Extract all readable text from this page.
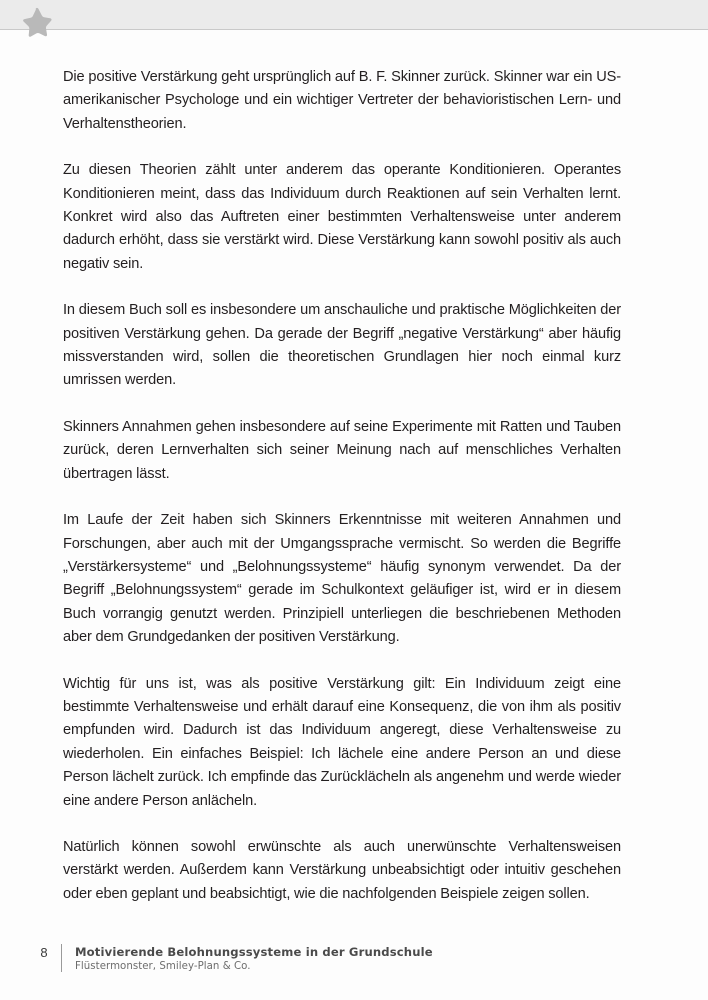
Die positive Verstärkung geht ursprünglich auf B. F. Skinner zurück. Skinner war ein US-amerikanischer Psychologe und ein wichtiger Vertreter der behavioristischen Lern- und Verhaltenstheorien.

Zu diesen Theorien zählt unter anderem das operante Konditionieren. Operantes Konditionieren meint, dass das Individuum durch Reaktionen auf sein Verhalten lernt. Konkret wird also das Auftreten einer bestimmten Verhaltensweise unter anderem dadurch erhöht, dass sie verstärkt wird. Diese Verstärkung kann sowohl positiv als auch negativ sein.

In diesem Buch soll es insbesondere um anschauliche und praktische Möglichkeiten der positiven Verstärkung gehen. Da gerade der Begriff „negative Verstärkung“ aber häufig missverstanden wird, sollen die theoretischen Grundlagen hier noch einmal kurz umrissen werden.

Skinners Annahmen gehen insbesondere auf seine Experimente mit Ratten und Tauben zurück, deren Lernverhalten sich seiner Meinung nach auf menschliches Verhalten übertragen lässt.

Im Laufe der Zeit haben sich Skinners Erkenntnisse mit weiteren Annahmen und Forschungen, aber auch mit der Umgangssprache vermischt. So werden die Begriffe „Verstärkersysteme“ und „Belohnungssysteme“ häufig synonym verwendet. Da der Begriff „Belohnungssystem“ gerade im Schulkontext geläufiger ist, wird er in diesem Buch vorrangig genutzt werden. Prinzipiell unterliegen die beschriebenen Methoden aber dem Grundgedanken der positiven Verstärkung.

Wichtig für uns ist, was als positive Verstärkung gilt: Ein Individuum zeigt eine bestimmte Verhaltensweise und erhält darauf eine Konsequenz, die von ihm als positiv empfunden wird. Dadurch ist das Individuum angeregt, diese Verhaltensweise zu wiederholen. Ein einfaches Beispiel: Ich lächele eine andere Person an und diese Person lächelt zurück. Ich empfinde das Zurücklächeln als angenehm und werde wieder eine andere Person anlächeln.

Natürlich können sowohl erwünschte als auch unerwünschte Verhaltensweisen verstärkt werden. Außerdem kann Verstärkung unbeabsichtigt oder intuitiv geschehen oder eben geplant und beabsichtigt, wie die nachfolgenden Beispiele zeigen sollen.

8	Motivierende Belohnungssysteme in der Grundschule
Flüstermonster, Smiley-Plan & Co.
